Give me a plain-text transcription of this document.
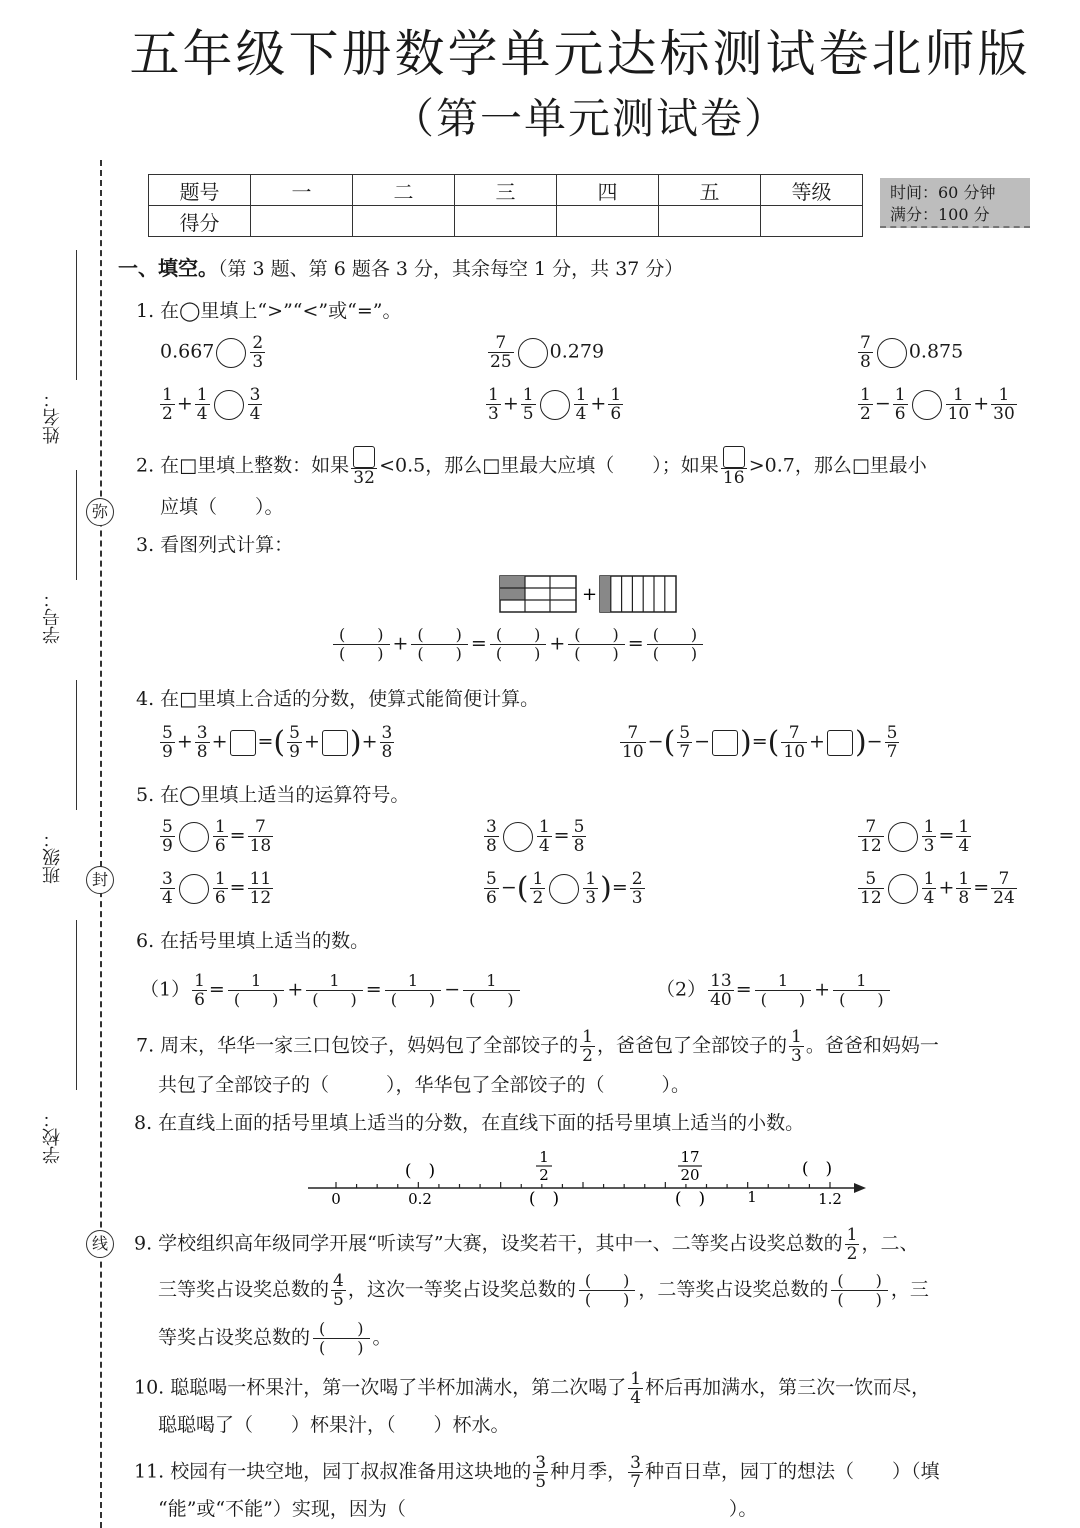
五年级下册数学单元达标测试卷北师版
（第一单元测试卷）
弥
封
线
姓名：
学号：
班级：
学校：
题号	一	二	三	四	五	等级
得分						
时间：60 分钟
满分：100 分
一、填空。（第 3 题、第 6 题各 3 分，其余每空 1 分，共 37 分）
1. 在◯里填上“>”“<”或“=”。
$0.667 \frac{2}{3}$	$\frac{7}{25} 0.279$	$\frac{7}{8} 0.875$
$\frac{1}{2} + \frac{1}{4} \frac{3}{4}$	$\frac{1}{3} + \frac{1}{5} \frac{1}{4} + \frac{1}{6}$	$\frac{1}{2} - \frac{1}{6} \frac{1}{10} + \frac{1}{30}$
2. 在□里填上整数：如果
32
<0.5，那么□里最大应填（　　）；如果
16
>0.7，那么□里最小
应填（　　）。
3. 看图列式计算：
+
(　　)
(　　) + (　　)
(　　) = (　　)
(　　) + (　　)
(　　) = (　　)
(　　)
4. 在□里填上合适的分数，使算式能简便计算。
$\frac{5}{9} + \frac{3}{8}$ + =( $\frac{5}{9}$ + )+ $\frac{3}{8}$	$\frac{7}{10}$ −( $\frac{5}{7}$ − )=( $\frac{7}{10}$ + )− $\frac{5}{7}$
5. 在◯里填上适当的运算符号。
$\frac{5}{9} \frac{1}{6} = \frac{7}{18}$	$\frac{3}{8} \frac{1}{4} = \frac{5}{8}$	$\frac{7}{12} \frac{1}{3} = \frac{1}{4}$
$\frac{3}{4} \frac{1}{6} = \frac{11}{12}$	$\frac{5}{6}$ −( $\frac{1}{2} \frac{1}{3}$ )= $\frac{2}{3}$	$\frac{5}{12} \frac{1}{4} + \frac{1}{8} = \frac{7}{24}$
6. 在括号里填上适当的数。
$(1) \frac{1}{6}$ =	1
(　　) +	1
(　　) =	1
(　　) −	1
(　　)	$(2) \frac{13}{40}$ =	1
(　　) +	1
(　　)
7. 周末，华华一家三口包饺子，妈妈包了全部饺子的 $\frac{1}{2}$ ，爸爸包了全部饺子的 $\frac{1}{3}$ 。爸爸和妈妈一
共包了全部饺子的（　　　），华华包了全部饺子的（　　　）。
8. 在直线上面的括号里填上适当的分数，在直线下面的括号里填上适当的小数。
0	0.2	1	1.2
(　)	(　)
(　)	(　)
1
2
17
20
9. 学校组织高年级同学开展“听读写”大赛，设奖若干，其中一、二等奖占设奖总数的 $\frac{1}{2}$ ，二、
三等奖占设奖总数的 $\frac{4}{5}$ ，这次一等奖占设奖总数的 (　　)
(　　) ，二等奖占设奖总数的 (　　)
(　　) ，三
等奖占设奖总数的 (　　)
(　　) 。
10. 聪聪喝一杯果汁，第一次喝了半杯加满水，第二次喝了 $\frac{1}{4}$ 杯后再加满水，第三次一饮而尽，
聪聪喝了（　　）杯果汁，（　　）杯水。
11. 校园有一块空地，园丁叔叔准备用这块地的 $\frac{3}{5}$ 种月季， $\frac{3}{7}$ 种百日草，园丁的想法（　　）（填
“能”或“不能”）实现，因为（　　　　　　　　　　　　　　　　　）。
